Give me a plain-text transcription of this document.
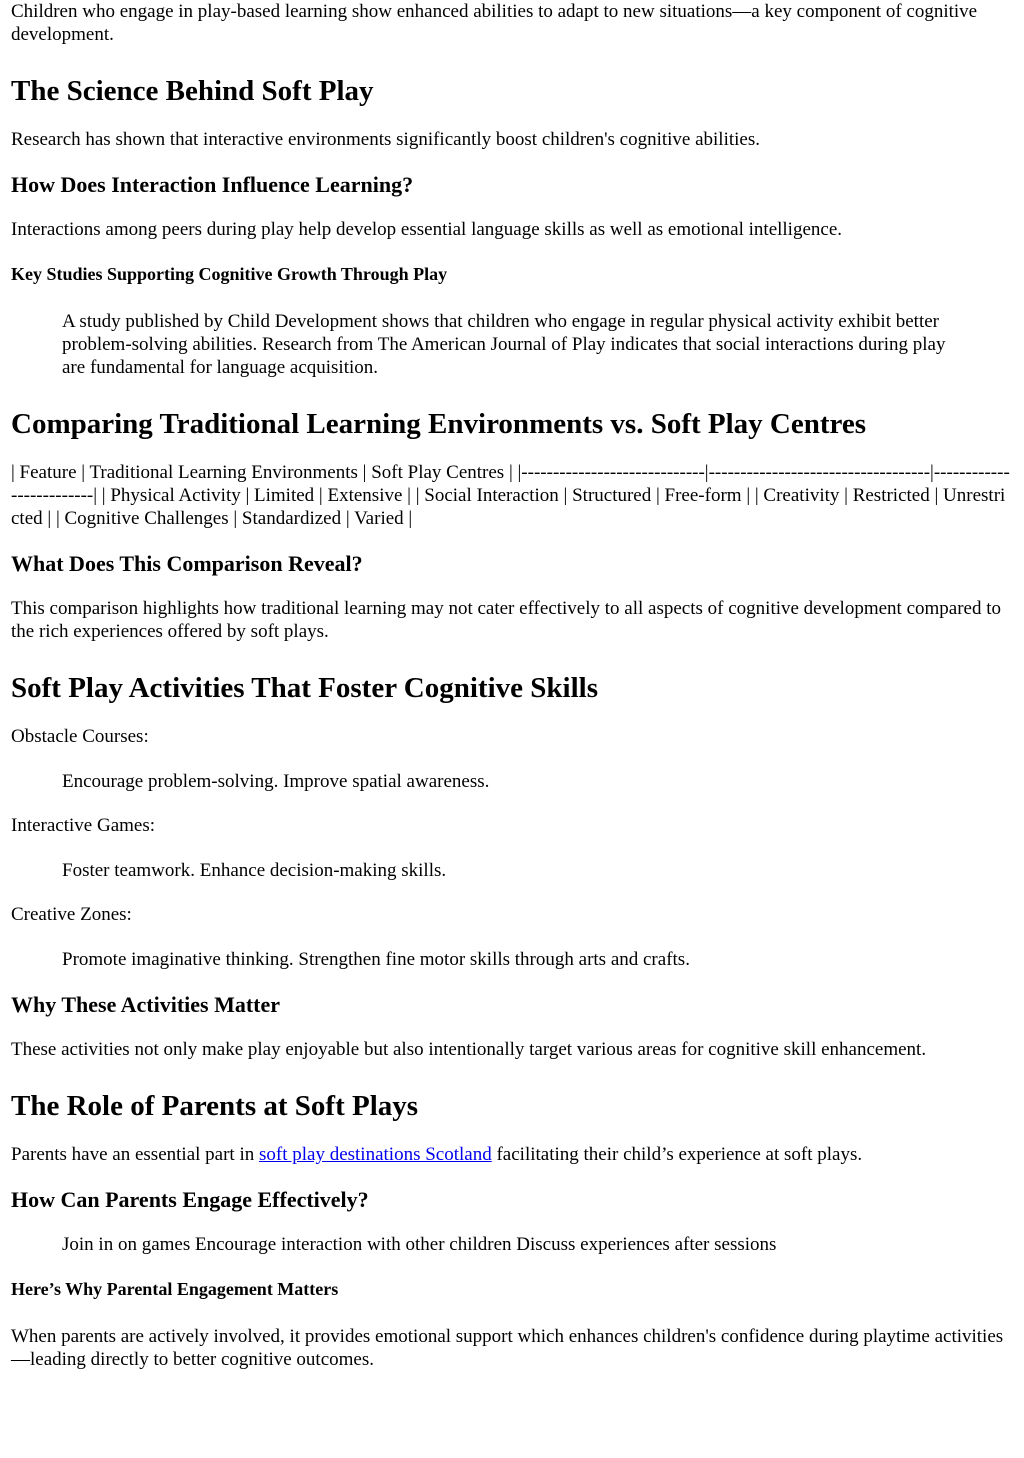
Children who engage in play-based learning show enhanced abilities to adapt to new situations—a key component of cognitive development.

The Science Behind Soft Play

Research has shown that interactive environments significantly boost children's cognitive abilities.

How Does Interaction Influence Learning?

Interactions among peers during play help develop essential language skills as well as emotional intelligence.

Key Studies Supporting Cognitive Growth Through Play
A study published by Child Development shows that children who engage in regular physical activity exhibit better problem-solving abilities. Research from The American Journal of Play indicates that social interactions during play are fundamental for language acquisition.
Comparing Traditional Learning Environments vs. Soft Play Centres

| Feature | Traditional Learning Environments | Soft Play Centres | |-----------------------------|-----------------------------------|-------------------------| | Physical Activity | Limited | Extensive | | Social Interaction | Structured | Free-form | | Creativity | Restricted | Unrestricted | | Cognitive Challenges | Standardized | Varied |

What Does This Comparison Reveal?

This comparison highlights how traditional learning may not cater effectively to all aspects of cognitive development compared to the rich experiences offered by soft plays.

Soft Play Activities That Foster Cognitive Skills

Obstacle Courses:

Encourage problem-solving. Improve spatial awareness.

Interactive Games:

Foster teamwork. Enhance decision-making skills.

Creative Zones:

Promote imaginative thinking. Strengthen fine motor skills through arts and crafts.

Why These Activities Matter

These activities not only make play enjoyable but also intentionally target various areas for cognitive skill enhancement.

The Role of Parents at Soft Plays

Parents have an essential part in soft play destinations Scotland facilitating their child’s experience at soft plays.

How Can Parents Engage Effectively?
Join in on games Encourage interaction with other children Discuss experiences after sessions
Here’s Why Parental Engagement Matters

When parents are actively involved, it provides emotional support which enhances children's confidence during playtime activities—leading directly to better cognitive outcomes.
